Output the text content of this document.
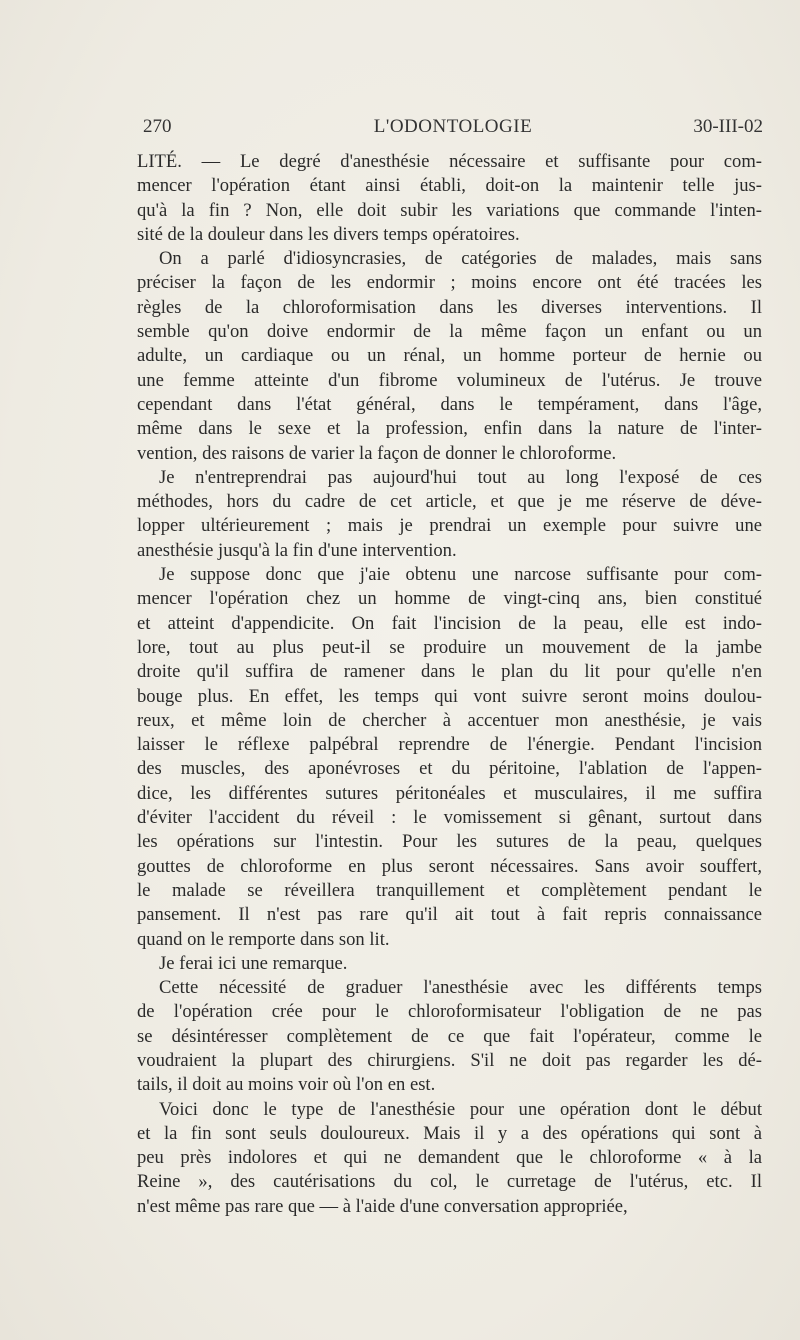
270	L'ODONTOLOGIE	30-III-02

LITÉ. — Le degré d'anesthésie nécessaire et suffisante pour com-
mencer l'opération étant ainsi établi, doit-on la maintenir telle jus-
qu'à la fin ? Non, elle doit subir les variations que commande l'inten-
sité de la douleur dans les divers temps opératoires.

On a parlé d'idiosyncrasies, de catégories de malades, mais sans
préciser la façon de les endormir ; moins encore ont été tracées les
règles de la chloroformisation dans les diverses interventions. Il
semble qu'on doive endormir de la même façon un enfant ou un
adulte, un cardiaque ou un rénal, un homme porteur de hernie ou
une femme atteinte d'un fibrome volumineux de l'utérus. Je trouve
cependant dans l'état général, dans le tempérament, dans l'âge,
même dans le sexe et la profession, enfin dans la nature de l'inter-
vention, des raisons de varier la façon de donner le chloroforme.

Je n'entreprendrai pas aujourd'hui tout au long l'exposé de ces
méthodes, hors du cadre de cet article, et que je me réserve de déve-
lopper ultérieurement ; mais je prendrai un exemple pour suivre une
anesthésie jusqu'à la fin d'une intervention.

Je suppose donc que j'aie obtenu une narcose suffisante pour com-
mencer l'opération chez un homme de vingt-cinq ans, bien constitué
et atteint d'appendicite. On fait l'incision de la peau, elle est indo-
lore, tout au plus peut-il se produire un mouvement de la jambe
droite qu'il suffira de ramener dans le plan du lit pour qu'elle n'en
bouge plus. En effet, les temps qui vont suivre seront moins doulou-
reux, et même loin de chercher à accentuer mon anesthésie, je vais
laisser le réflexe palpébral reprendre de l'énergie. Pendant l'incision
des muscles, des aponévroses et du péritoine, l'ablation de l'appen-
dice, les différentes sutures péritonéales et musculaires, il me suffira
d'éviter l'accident du réveil : le vomissement si gênant, surtout dans
les opérations sur l'intestin. Pour les sutures de la peau, quelques
gouttes de chloroforme en plus seront nécessaires. Sans avoir souffert,
le malade se réveillera tranquillement et complètement pendant le
pansement. Il n'est pas rare qu'il ait tout à fait repris connaissance
quand on le remporte dans son lit.

Je ferai ici une remarque.

Cette nécessité de graduer l'anesthésie avec les différents temps
de l'opération crée pour le chloroformisateur l'obligation de ne pas
se désintéresser complètement de ce que fait l'opérateur, comme le
voudraient la plupart des chirurgiens. S'il ne doit pas regarder les dé-
tails, il doit au moins voir où l'on en est.

Voici donc le type de l'anesthésie pour une opération dont le début
et la fin sont seuls douloureux. Mais il y a des opérations qui sont à
peu près indolores et qui ne demandent que le chloroforme « à la
Reine », des cautérisations du col, le curretage de l'utérus, etc. Il
n'est même pas rare que — à l'aide d'une conversation appropriée,
